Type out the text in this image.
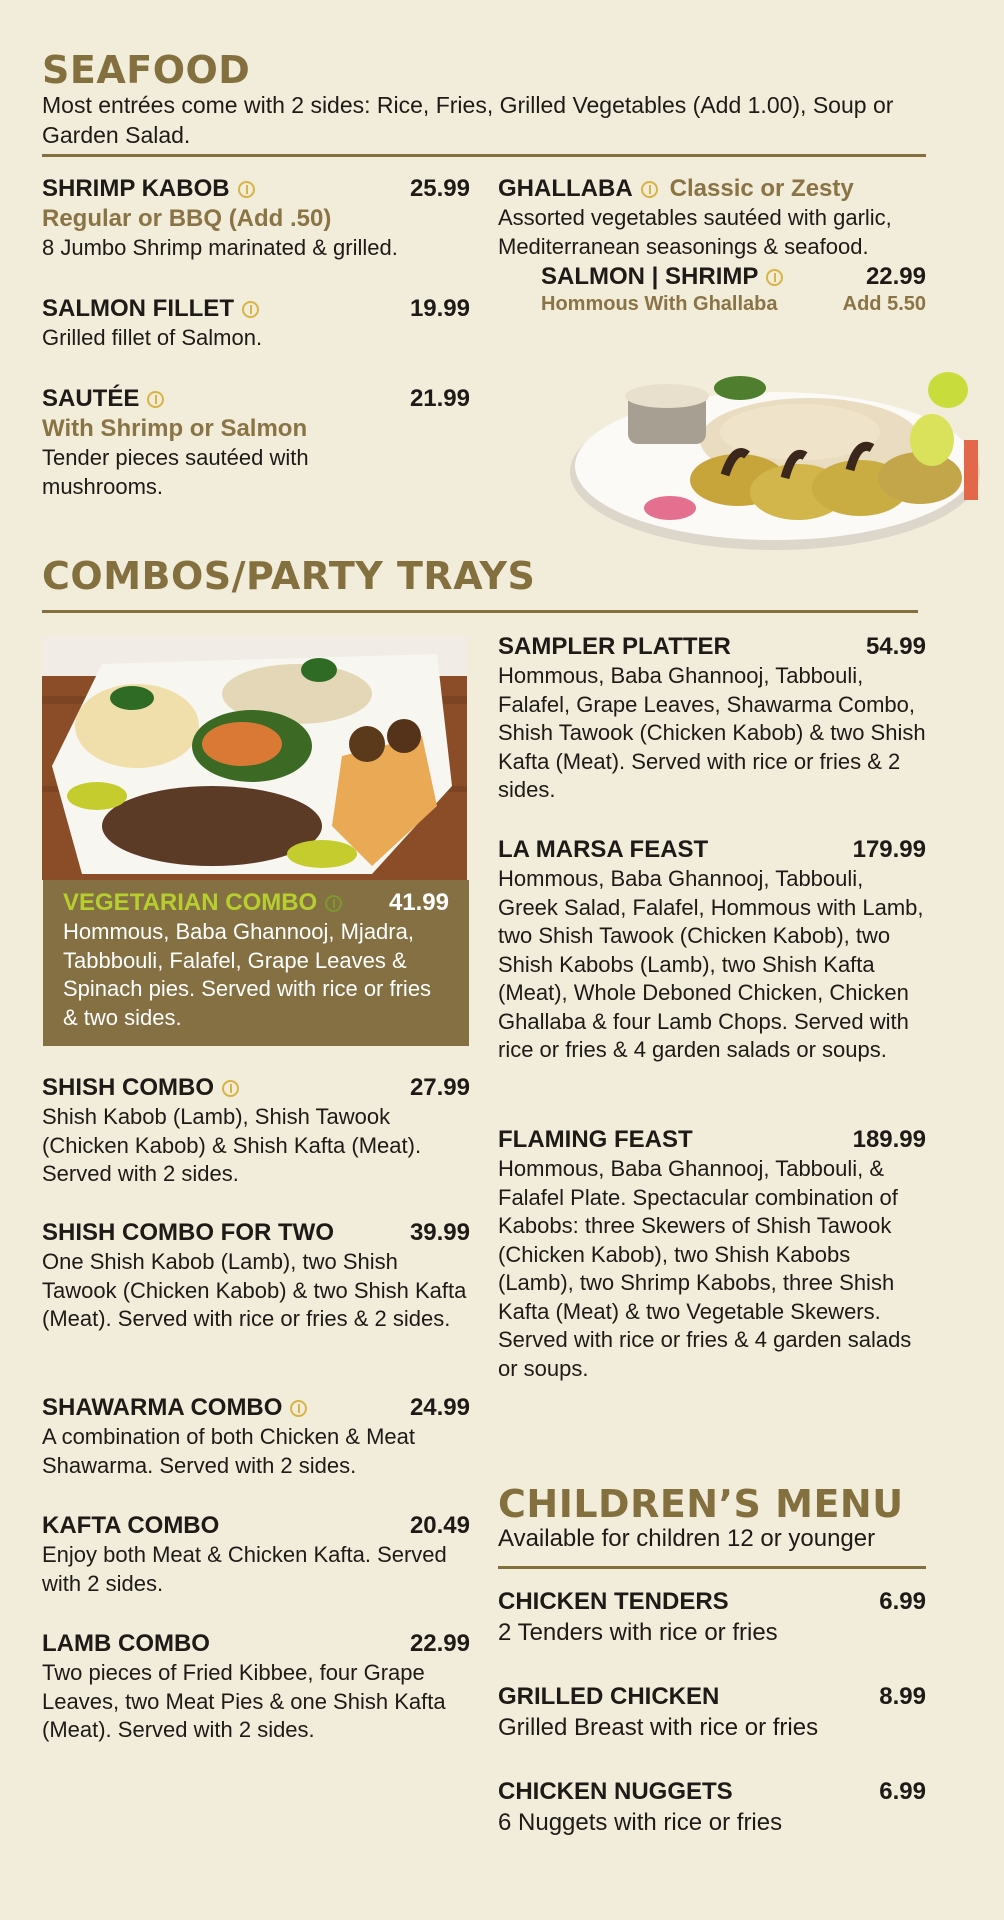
SEAFOOD
Most entrées come with 2 sides: Rice, Fries, Grilled Vegetables (Add 1.00), Soup or Garden Salad.
SHRIMP KABOB	25.99
Regular or BBQ (Add .50)
8 Jumbo Shrimp marinated & grilled.
SALMON FILLET	19.99
Grilled fillet of Salmon.
SAUTÉE	21.99
With Shrimp or Salmon
Tender pieces sautéed with mushrooms.
GHALLABA Classic or Zesty
Assorted vegetables sautéed with garlic, Mediterranean seasonings & seafood.
SALMON | SHRIMP	22.99
Hommous With Ghallaba	Add 5.50
COMBOS/PARTY TRAYS
VEGETARIAN COMBO	41.99
Hommous, Baba Ghannooj, Mjadra, Tabbbouli, Falafel, Grape Leaves & Spinach pies. Served with rice or fries & two sides.
SHISH COMBO	27.99
Shish Kabob (Lamb), Shish Tawook (Chicken Kabob) & Shish Kafta (Meat). Served with 2 sides.
SHISH COMBO FOR TWO	39.99
One Shish Kabob (Lamb), two Shish Tawook (Chicken Kabob) & two Shish Kafta (Meat). Served with rice or fries & 2 sides.
SHAWARMA COMBO	24.99
A combination of both Chicken & Meat Shawarma. Served with 2 sides.
KAFTA COMBO	20.49
Enjoy both Meat & Chicken Kafta. Served with 2 sides.
LAMB COMBO	22.99
Two pieces of Fried Kibbee, four Grape Leaves, two Meat Pies & one Shish Kafta (Meat). Served with 2 sides.
SAMPLER PLATTER	54.99
Hommous, Baba Ghannooj, Tabbouli, Falafel, Grape Leaves, Shawarma Combo, Shish Tawook (Chicken Kabob) & two Shish Kafta (Meat). Served with rice or fries & 2 sides.
LA MARSA FEAST	179.99
Hommous, Baba Ghannooj, Tabbouli, Greek Salad, Falafel, Hommous with Lamb, two Shish Tawook (Chicken Kabob), two Shish Kabobs (Lamb), two Shish Kafta (Meat), Whole Deboned Chicken, Chicken Ghallaba & four Lamb Chops. Served with rice or fries & 4 garden salads or soups.
FLAMING FEAST	189.99
Hommous, Baba Ghannooj, Tabbouli, & Falafel Plate. Spectacular combination of Kabobs: three Skewers of Shish Tawook (Chicken Kabob), two Shish Kabobs (Lamb), two Shrimp Kabobs, three Shish Kafta (Meat) & two Vegetable Skewers. Served with rice or fries & 4 garden salads or soups.
CHILDREN’S MENU
Available for children 12 or younger
CHICKEN TENDERS	6.99
2 Tenders with rice or fries
GRILLED CHICKEN	8.99
Grilled Breast with rice or fries
CHICKEN NUGGETS	6.99
6 Nuggets with rice or fries
